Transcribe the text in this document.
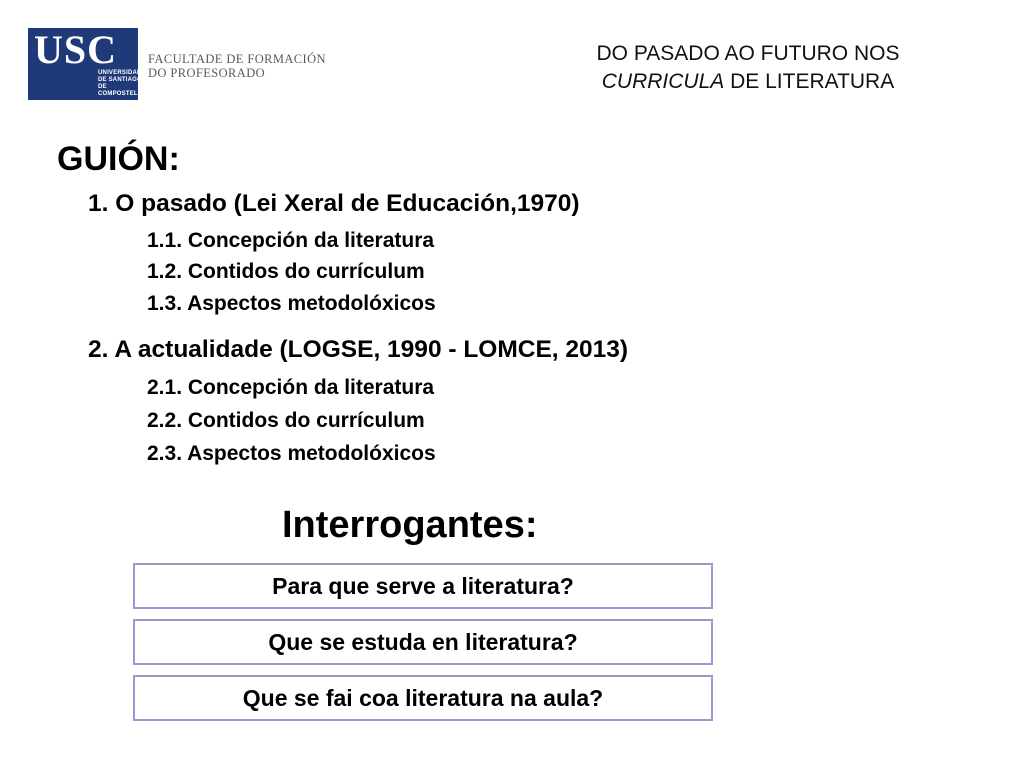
USC
UNIVERSIDADE
DE SANTIAGO
DE COMPOSTELA
FACULTADE DE FORMACIÓN
DO PROFESORADO
DO PASADO AO FUTURO NOS
CURRICULA DE LITERATURA
GUIÓN:
1. O pasado (Lei Xeral de Educación,1970)
1.1. Concepción da literatura
1.2. Contidos do currículum
1.3. Aspectos metodolóxicos
2. A actualidade (LOGSE, 1990 - LOMCE, 2013)
2.1. Concepción da literatura
2.2. Contidos do currículum
2.3. Aspectos metodolóxicos
Interrogantes:
Para que serve a literatura?
Que se estuda en literatura?
Que se fai coa literatura na aula?
